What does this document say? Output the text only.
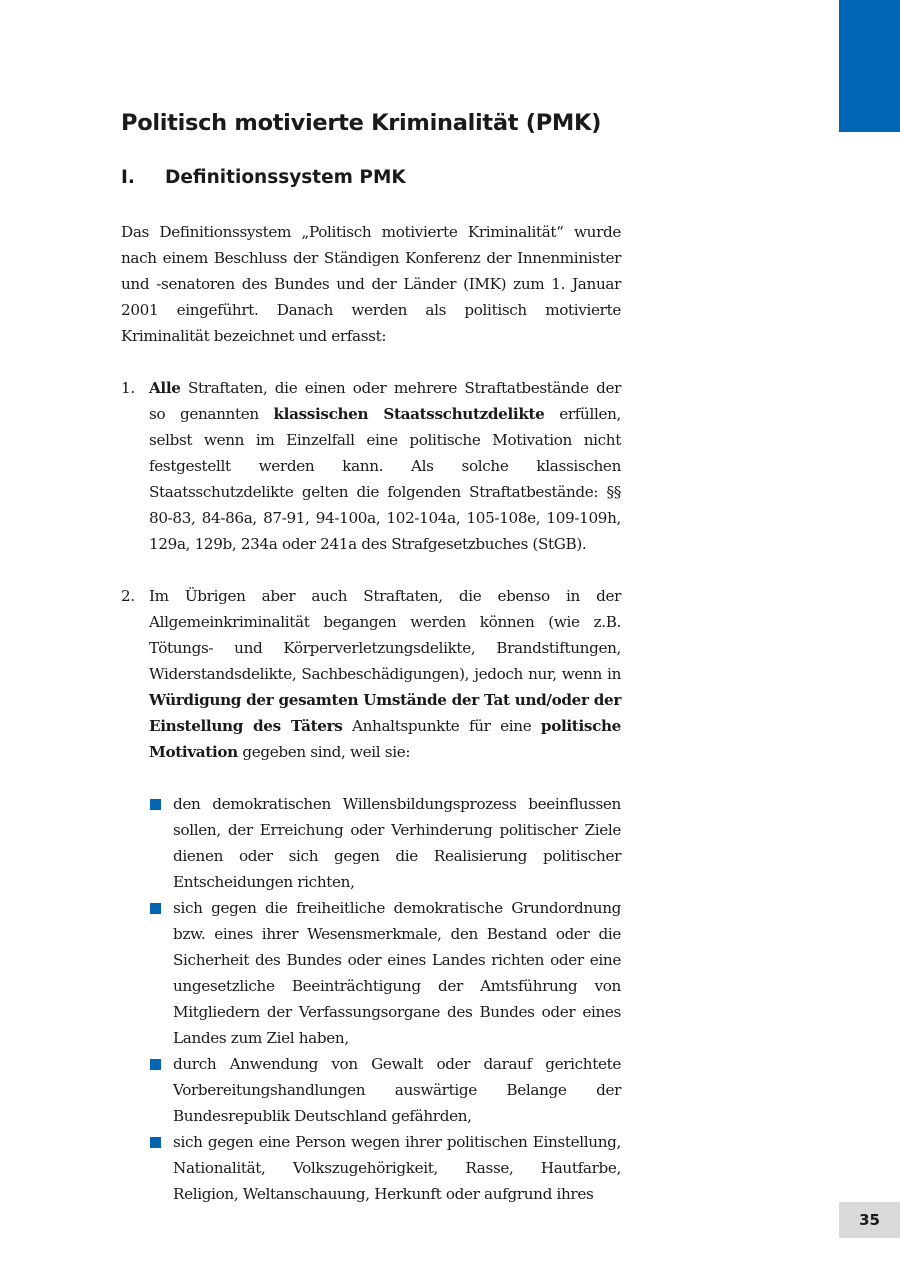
Politisch motivierte Kriminalität (PMK)
I.	Definitionssystem PMK

Das Definitionssystem „Politisch motivierte Kriminalität“ wurde nach einem Beschluss der Ständigen Konferenz der Innenminister und -senatoren des Bundes und der Länder (IMK) zum 1. Januar 2001 eingeführt. Danach werden als politisch motivierte Kriminalität bezeichnet und erfasst:

1. Alle Straftaten, die einen oder mehrere Straftatbestände der so genannten klassischen Staatsschutzdelikte erfüllen, selbst wenn im Einzelfall eine politische Motivation nicht festgestellt werden kann. Als solche klassischen Staatsschutzdelikte gelten die folgenden Straftatbestände: §§ 80-83, 84-86a, 87-91, 94-100a, 102-104a, 105-108e, 109-109h, 129a, 129b, 234a oder 241a des Strafgesetzbuches (StGB).

2. Im Übrigen aber auch Straftaten, die ebenso in der Allgemeinkriminalität begangen werden können (wie z.B. Tötungs- und Körperverletzungsdelikte, Brandstiftungen, Widerstandsdelikte, Sachbeschädigungen), jedoch nur, wenn in Würdigung der gesamten Umstände der Tat und/oder der Einstellung des Täters Anhaltspunkte für eine politische Motivation gegeben sind, weil sie:

den demokratischen Willensbildungsprozess beeinflussen sollen, der Erreichung oder Verhinderung politischer Ziele dienen oder sich gegen die Realisierung politischer Entscheidungen richten,
sich gegen die freiheitliche demokratische Grundordnung bzw. eines ihrer Wesensmerkmale, den Bestand oder die Sicherheit des Bundes oder eines Landes richten oder eine ungesetzliche Beeinträchtigung der Amtsführung von Mitgliedern der Verfassungsorgane des Bundes oder eines Landes zum Ziel haben,
durch Anwendung von Gewalt oder darauf gerichtete Vorbereitungshandlungen auswärtige Belange der Bundesrepublik Deutschland gefährden,
sich gegen eine Person wegen ihrer politischen Einstellung, Nationalität, Volkszugehörigkeit, Rasse, Hautfarbe, Religion, Weltanschauung, Herkunft oder aufgrund ihres
35
